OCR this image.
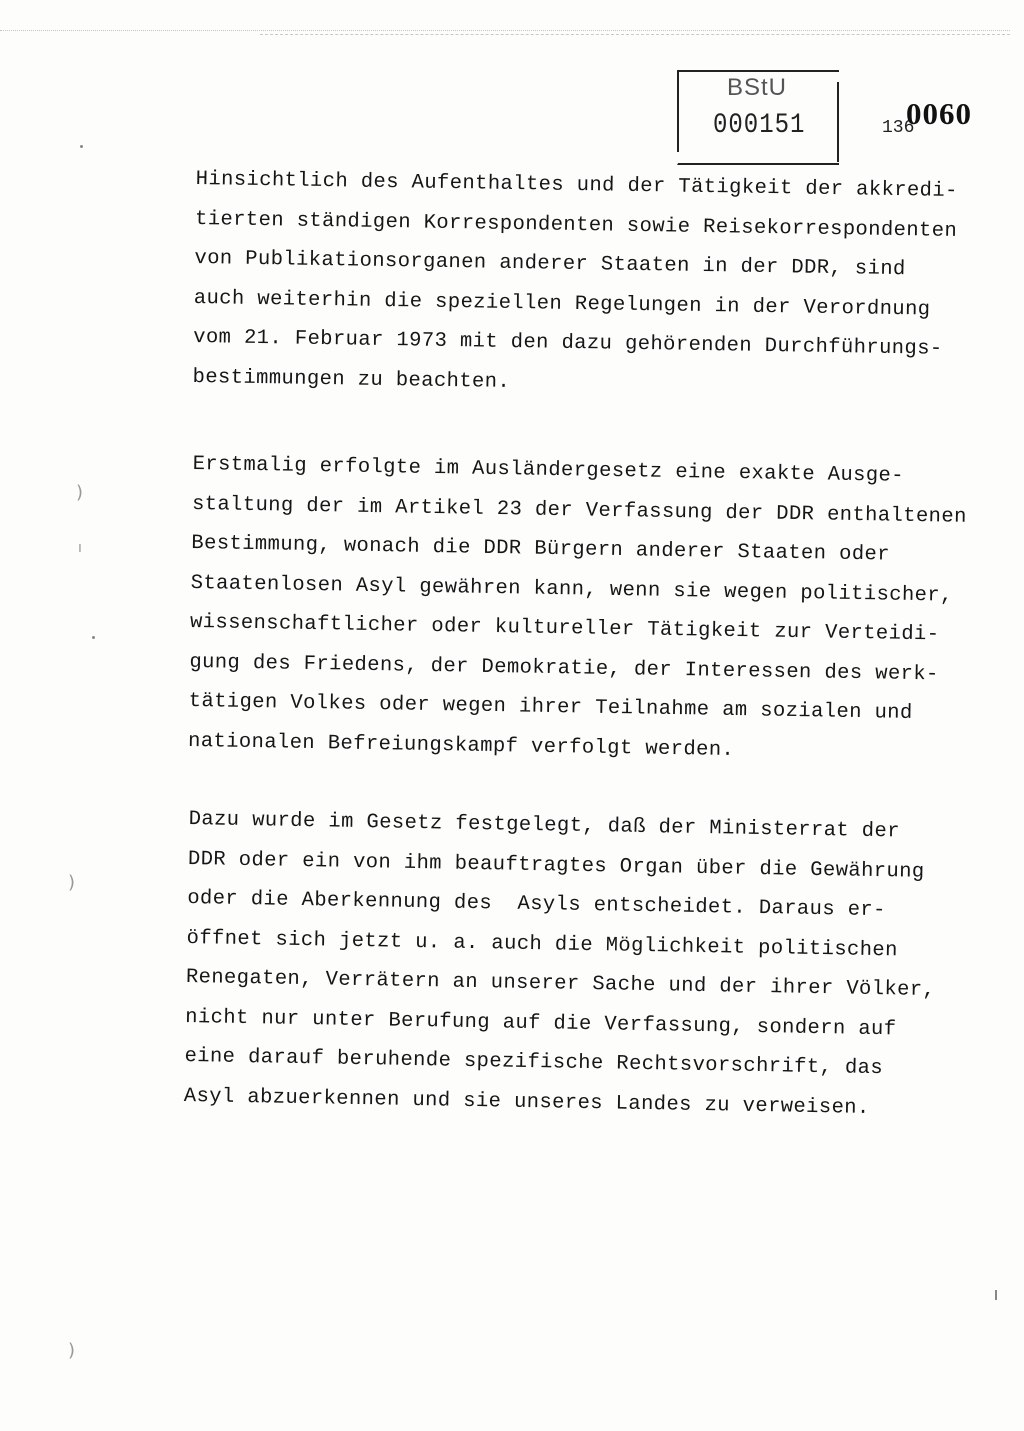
BStU
000151	136
0060
Hinsichtlich des Aufenthaltes und der Tätigkeit der akkredi-
tierten ständigen Korrespondenten sowie Reisekorrespondenten
von Publikationsorganen anderer Staaten in der DDR, sind
auch weiterhin die speziellen Regelungen in der Verordnung
vom 21. Februar 1973 mit den dazu gehörenden Durchführungs-
bestimmungen zu beachten.
Erstmalig erfolgte im Ausländergesetz eine exakte Ausge-
staltung der im Artikel 23 der Verfassung der DDR enthaltenen
Bestimmung, wonach die DDR Bürgern anderer Staaten oder
Staatenlosen Asyl gewähren kann, wenn sie wegen politischer,
wissenschaftlicher oder kultureller Tätigkeit zur Verteidi-
gung des Friedens, der Demokratie, der Interessen des werk-
tätigen Volkes oder wegen ihrer Teilnahme am sozialen und
nationalen Befreiungskampf verfolgt werden.
Dazu wurde im Gesetz festgelegt, daß der Ministerrat der
DDR oder ein von ihm beauftragtes Organ über die Gewährung
oder die Aberkennung des  Asyls entscheidet. Daraus er-
öffnet sich jetzt u. a. auch die Möglichkeit politischen
Renegaten, Verrätern an unserer Sache und der ihrer Völker,
nicht nur unter Berufung auf die Verfassung, sondern auf
eine darauf beruhende spezifische Rechtsvorschrift, das
Asyl abzuerkennen und sie unseres Landes zu verweisen.
)
ı
)
)
